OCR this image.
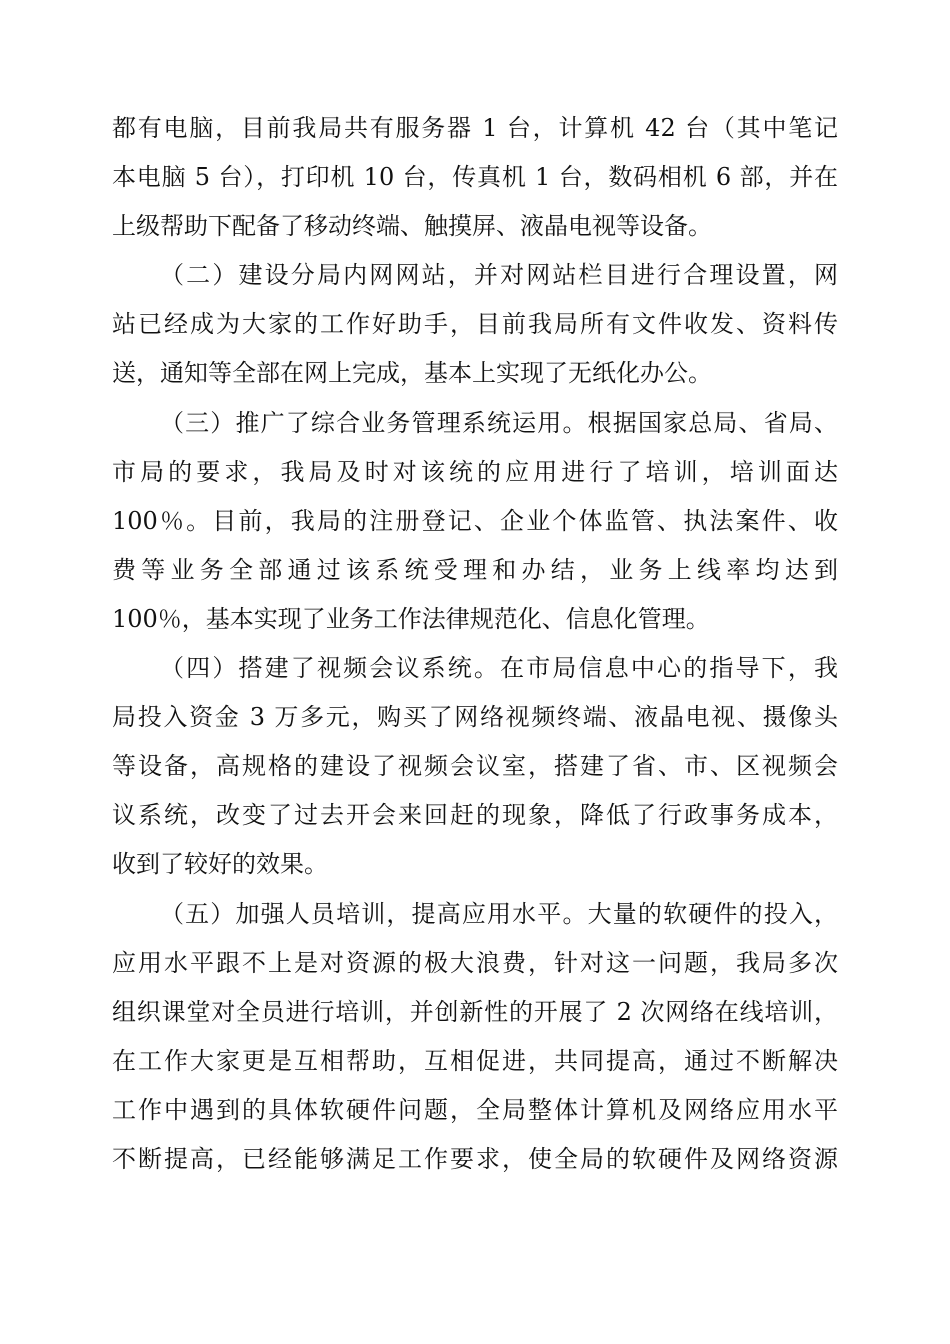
都有电脑，目前我局共有服务器 1 台，计算机 42 台（其中笔记
本电脑 5 台），打印机 10 台，传真机 1 台，数码相机 6 部，并在
上级帮助下配备了移动终端、触摸屏、液晶电视等设备。
（二）建设分局内网网站，并对网站栏目进行合理设置，网
站已经成为大家的工作好助手，目前我局所有文件收发、资料传
送，通知等全部在网上完成，基本上实现了无纸化办公。
（三）推广了综合业务管理系统运用。根据国家总局、省局、
市局的要求，我局及时对该统的应用进行了培训，培训面达
100％。目前，我局的注册登记、企业个体监管、执法案件、收
费等业务全部通过该系统受理和办结，业务上线率均达到
100％，基本实现了业务工作法律规范化、信息化管理。
（四）搭建了视频会议系统。在市局信息中心的指导下，我
局投入资金 3 万多元，购买了网络视频终端、液晶电视、摄像头
等设备，高规格的建设了视频会议室，搭建了省、市、区视频会
议系统，改变了过去开会来回赶的现象，降低了行政事务成本，
收到了较好的效果。
（五）加强人员培训，提高应用水平。大量的软硬件的投入，
应用水平跟不上是对资源的极大浪费，针对这一问题，我局多次
组织课堂对全员进行培训，并创新性的开展了 2 次网络在线培训，
在工作大家更是互相帮助，互相促进，共同提高，通过不断解决
工作中遇到的具体软硬件问题，全局整体计算机及网络应用水平
不断提高，已经能够满足工作要求，使全局的软硬件及网络资源
